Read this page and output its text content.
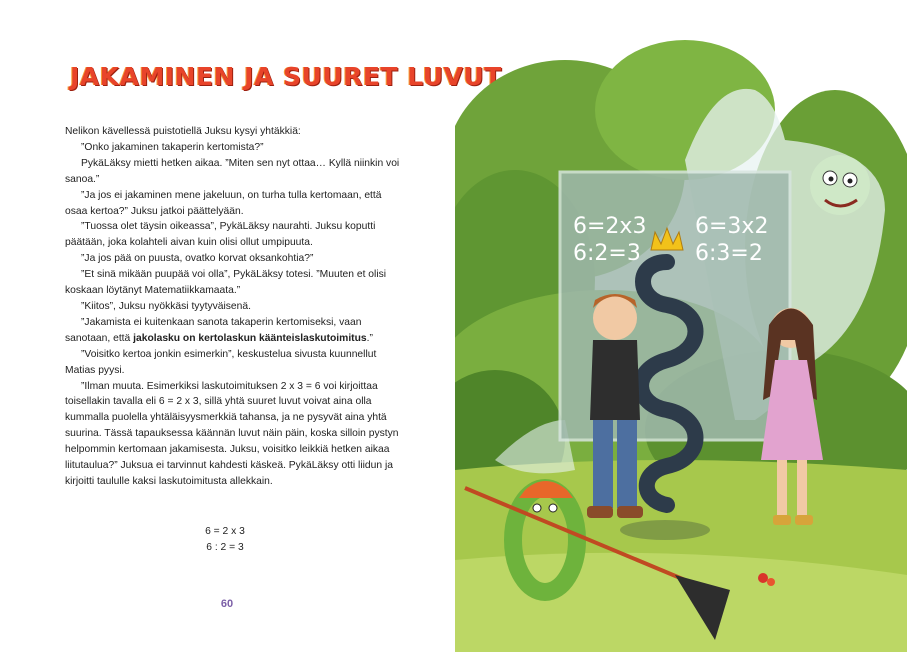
JAKAMINEN JA SUURET LUVUT

Nelikon kävellessä puistotiellä Juksu kysyi yhtäkkiä:

”Onko jakaminen takaperin kertomista?”

PykäLäksy mietti hetken aikaa. ”Miten sen nyt ottaa… Kyllä niinkin voi sanoa.”

”Ja jos ei jakaminen mene jakeluun, on turha tulla kertomaan, että osaa kertoa?” Juksu jatkoi päättelyään.

”Tuossa olet täysin oikeassa”, PykäLäksy naurahti. Juksu koputti päätään, joka kolahteli aivan kuin olisi ollut umpipuuta.

”Ja jos pää on puusta, ovatko korvat oksankohtia?”

”Et sinä mikään puupää voi olla”, PykäLäksy totesi. ”Muuten et olisi koskaan löytänyt Matematiikkamaata.”

”Kiitos”, Juksu nyökkäsi tyytyväisenä.

”Jakamista ei kuitenkaan sanota takaperin kertomiseksi, vaan sanotaan, että jakolasku on kertolaskun käänteislaskutoimitus.”

”Voisitko kertoa jonkin esimerkin”, keskustelua sivusta kuunnellut Matias pyysi.

”Ilman muuta. Esimerkiksi laskutoimituksen 2 x 3 = 6 voi kirjoittaa toisellakin tavalla eli 6 = 2 x 3, sillä yhtä suuret luvut voivat aina olla kummalla puolella yhtäläisyysmerkkiä tahansa, ja ne pysyvät aina yhtä suurina. Tässä tapauksessa käännän luvut näin päin, koska silloin pystyn helpommin kertomaan jakamisesta. Juksu, voisitko leikkiä hetken aikaa liitutaulua?” Juksua ei tarvinnut kahdesti käskeä. PykäLäksy otti liidun ja kirjoitti taululle kaksi laskutoimitusta allekkain.

6 = 2 x 3
6 : 2 = 3
60
6=2x3
6:2=3
6=3x2
6:3=2
